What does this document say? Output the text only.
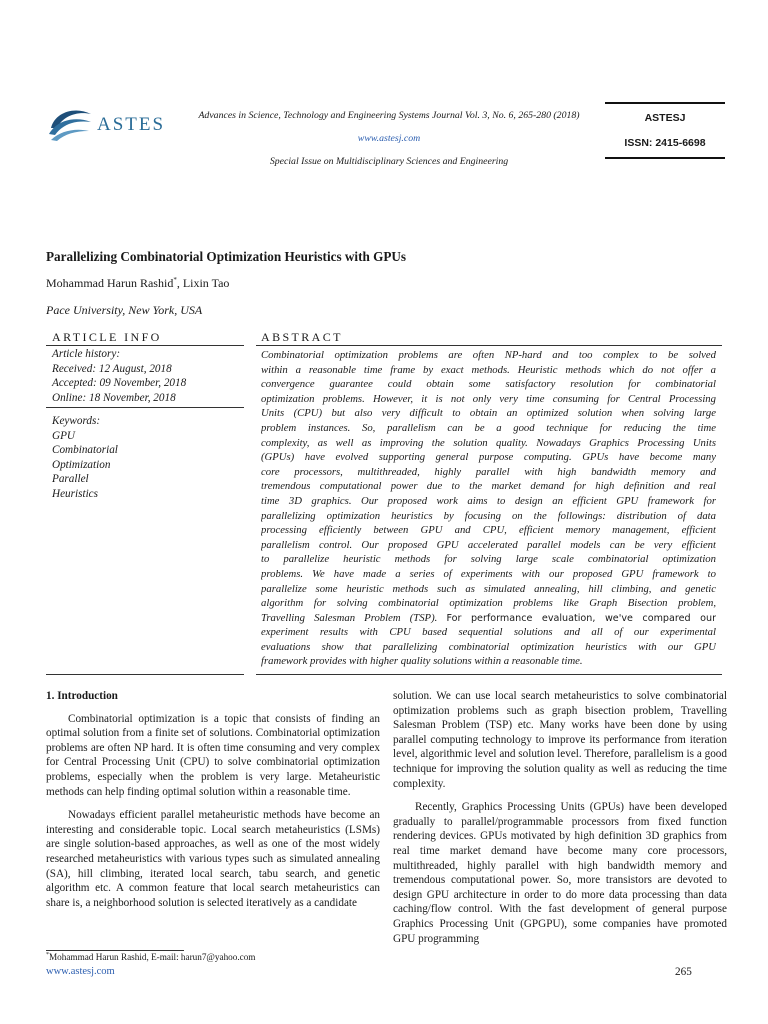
ASTES	Advances in Science, Technology and Engineering Systems Journal Vol. 3, No. 6, 265-280 (2018)
www.astesj.com
Special Issue on Multidisciplinary Sciences and Engineering
ASTESJ
ISSN: 2415-6698
Parallelizing Combinatorial Optimization Heuristics with GPUs
Mohammad Harun Rashid*, Lixin Tao
Pace University, New York, USA
ARTICLE INFO	ABSTRACT
Article history:
Received: 12 August, 2018
Accepted: 09 November, 2018
Online: 18 November, 2018
Keywords:
GPU
Combinatorial
Optimization
Parallel
Heuristics
Combinatorial optimization problems are often NP-hard and too complex to be solved
within a reasonable time frame by exact methods. Heuristic methods which do not offer a
convergence guarantee could obtain some satisfactory resolution for combinatorial
optimization problems. However, it is not only very time consuming for Central Processing
Units (CPU) but also very difficult to obtain an optimized solution when solving large
problem instances. So, parallelism can be a good technique for reducing the time
complexity, as well as improving the solution quality. Nowadays Graphics Processing Units
(GPUs) have evolved supporting general purpose computing. GPUs have become many
core processors, multithreaded, highly parallel with high bandwidth memory and
tremendous computational power due to the market demand for high definition and real
time 3D graphics. Our proposed work aims to design an efficient GPU framework for
parallelizing optimization heuristics by focusing on the followings: distribution of data
processing efficiently between GPU and CPU, efficient memory management, efficient
parallelism control. Our proposed GPU accelerated parallel models can be very efficient
to parallelize heuristic methods for solving large scale combinatorial optimization
problems. We have made a series of experiments with our proposed GPU framework to
parallelize some heuristic methods such as simulated annealing, hill climbing, and genetic
algorithm for solving combinatorial optimization problems like Graph Bisection problem,
Travelling Salesman Problem (TSP). For performance evaluation, we've compared our
experiment results with CPU based sequential solutions and all of our experimental
evaluations show that parallelizing combinatorial optimization heuristics with our GPU
framework provides with higher quality solutions within a reasonable time.
1. Introduction

Combinatorial optimization is a topic that consists of finding an optimal solution from a finite set of solutions. Combinatorial optimization problems are often NP hard. It is often time consuming and very complex for Central Processing Unit (CPU) to solve combinatorial optimization problems, especially when the problem is very large. Metaheuristic methods can help finding optimal solution within a reasonable time.

Nowadays efficient parallel metaheuristic methods have become an interesting and considerable topic. Local search metaheuristics (LSMs) are single solution-based approaches, as well as one of the most widely researched metaheuristics with various types such as simulated annealing (SA), hill climbing, iterated local search, tabu search, and genetic algorithm etc. A common feature that local search metaheuristics can share is, a neighborhood solution is selected iteratively as a candidate

solution. We can use local search metaheuristics to solve combinatorial optimization problems such as graph bisection problem, Travelling Salesman Problem (TSP) etc. Many works have been done by using parallel computing technology to improve its performance from iteration level, algorithmic level and solution level. Therefore, parallelism is a good technique for improving the solution quality as well as reducing the time complexity.

Recently, Graphics Processing Units (GPUs) have been developed gradually to parallel/programmable processors from fixed function rendering devices. GPUs motivated by high definition 3D graphics from real time market demand have become many core processors, multithreaded, highly parallel with high bandwidth memory and tremendous computational power. So, more transistors are devoted to design GPU architecture in order to do more data processing than data caching/flow control. With the fast development of general purpose Graphics Processing Unit (GPGPU), some companies have promoted GPU programming

*Mohammad Harun Rashid, E-mail: harun7@yahoo.com
www.astesj.com	265
